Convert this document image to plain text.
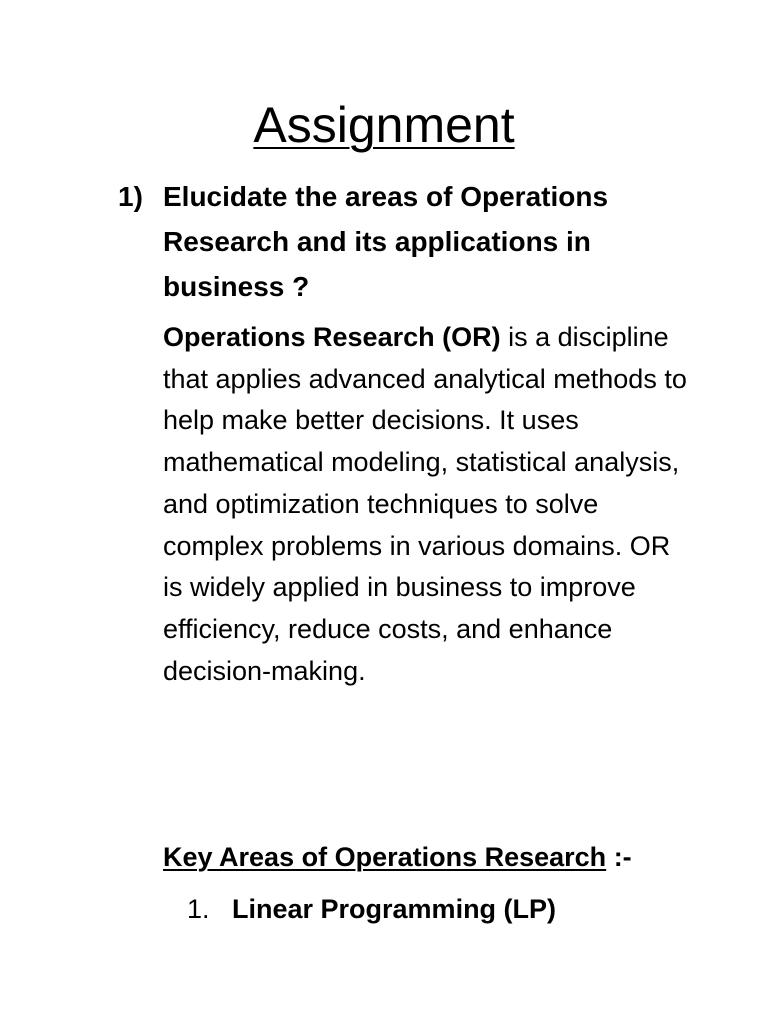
Assignment
1) Elucidate the areas of Operations Research and its applications in business ?
Operations Research (OR) is a discipline that applies advanced analytical methods to help make better decisions. It uses mathematical modeling, statistical analysis, and optimization techniques to solve complex problems in various domains. OR is widely applied in business to improve efficiency, reduce costs, and enhance decision-making.
Key Areas of Operations Research :-
1. Linear Programming (LP)
